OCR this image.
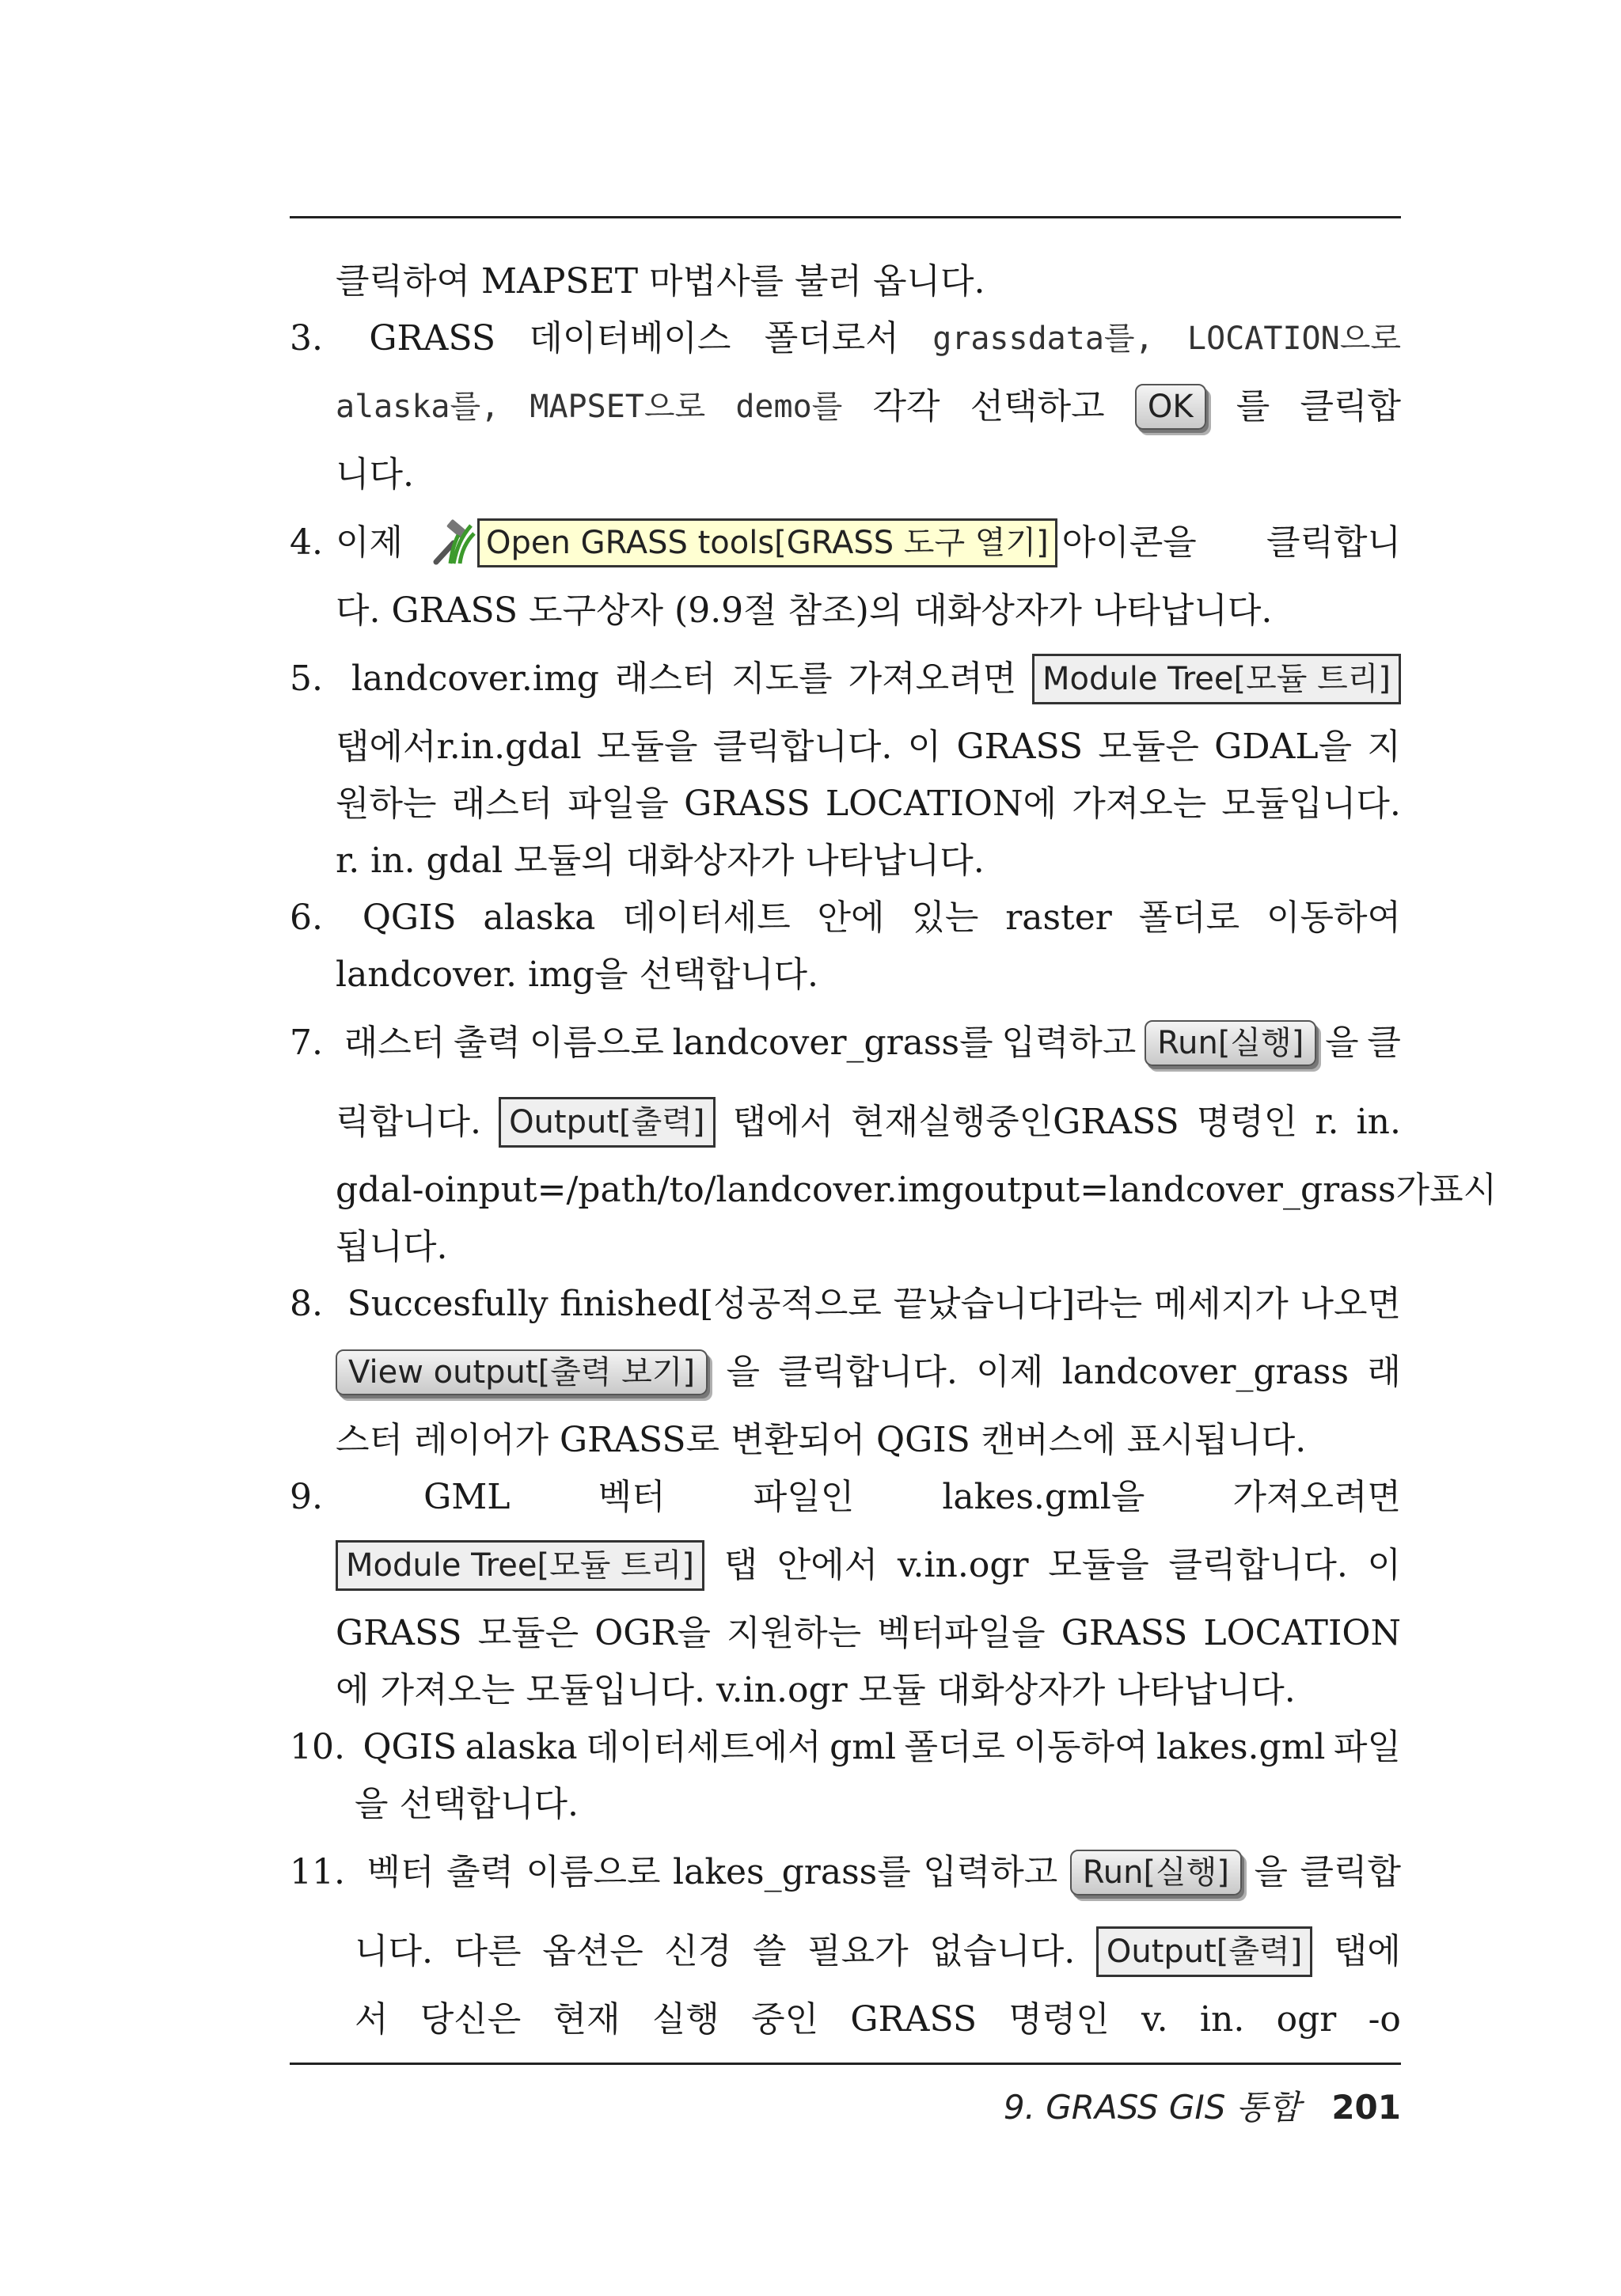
클릭하여 MAPSET 마법사를 불러 옵니다.
3.	GRASS 데이터베이스 폴더로서 grassdata를, LOCATION으로
alaska를, MAPSET으로 demo를 각각 선택하고	OK	를 클릭합
니다.
4. 이제	Open GRASS tools[GRASS 도구 열기] 아이콘을 클릭합니
다. GRASS 도구상자 (9.9절 참조)의 대화상자가 나타납니다.
5. landcover.img 래스터 지도를 가져오려면 Module Tree[모듈 트리]
탭에서r.in.gdal 모듈을 클릭합니다. 이 GRASS 모듈은 GDAL을 지
원하는 래스터 파일을 GRASS LOCATION에 가져오는 모듈입니다.
r. in. gdal 모듈의 대화상자가 나타납니다.
6.	QGIS alaska 데이터세트 안에 있는 raster 폴더로 이동하여
landcover. img을 선택합니다.
7. 래스터 출력 이름으로 landcover_grass를 입력하고 Run[실행] 을 클
릭합니다. Output[출력] 탭에서 현재실행중인GRASS 명령인 r. in.
gdal -o input=/path/to/landcover. img output=landcover_grass가 표시
됩니다.
8. Succesfully finished[성공적으로 끝났습니다]라는 메세지가 나오면
View output[출력 보기] 을 클릭합니다. 이제 landcover_grass 래
스터 레이어가 GRASS로 변환되어 QGIS 캔버스에 표시됩니다.
9.	GML	벡터	파일인	lakes.gml을	가져오려면
Module Tree[모듈 트리] 탭 안에서 v.in.ogr 모듈을 클릭합니다. 이
GRASS 모듈은 OGR을 지원하는 벡터파일을 GRASS LOCATION
에 가져오는 모듈입니다. v.in.ogr 모듈 대화상자가 나타납니다.
10. QGIS alaska 데이터세트에서 gml 폴더로 이동하여 lakes.gml 파일
을 선택합니다.
11. 벡터 출력 이름으로 lakes_grass를 입력하고 Run[실행] 을 클릭합
니다. 다른 옵션은 신경 쓸 필요가 없습니다. Output[출력] 탭에
서 당신은 현재 실행 중인 GRASS 명령인 v. in. ogr -o
9. GRASS GIS 통합 201
